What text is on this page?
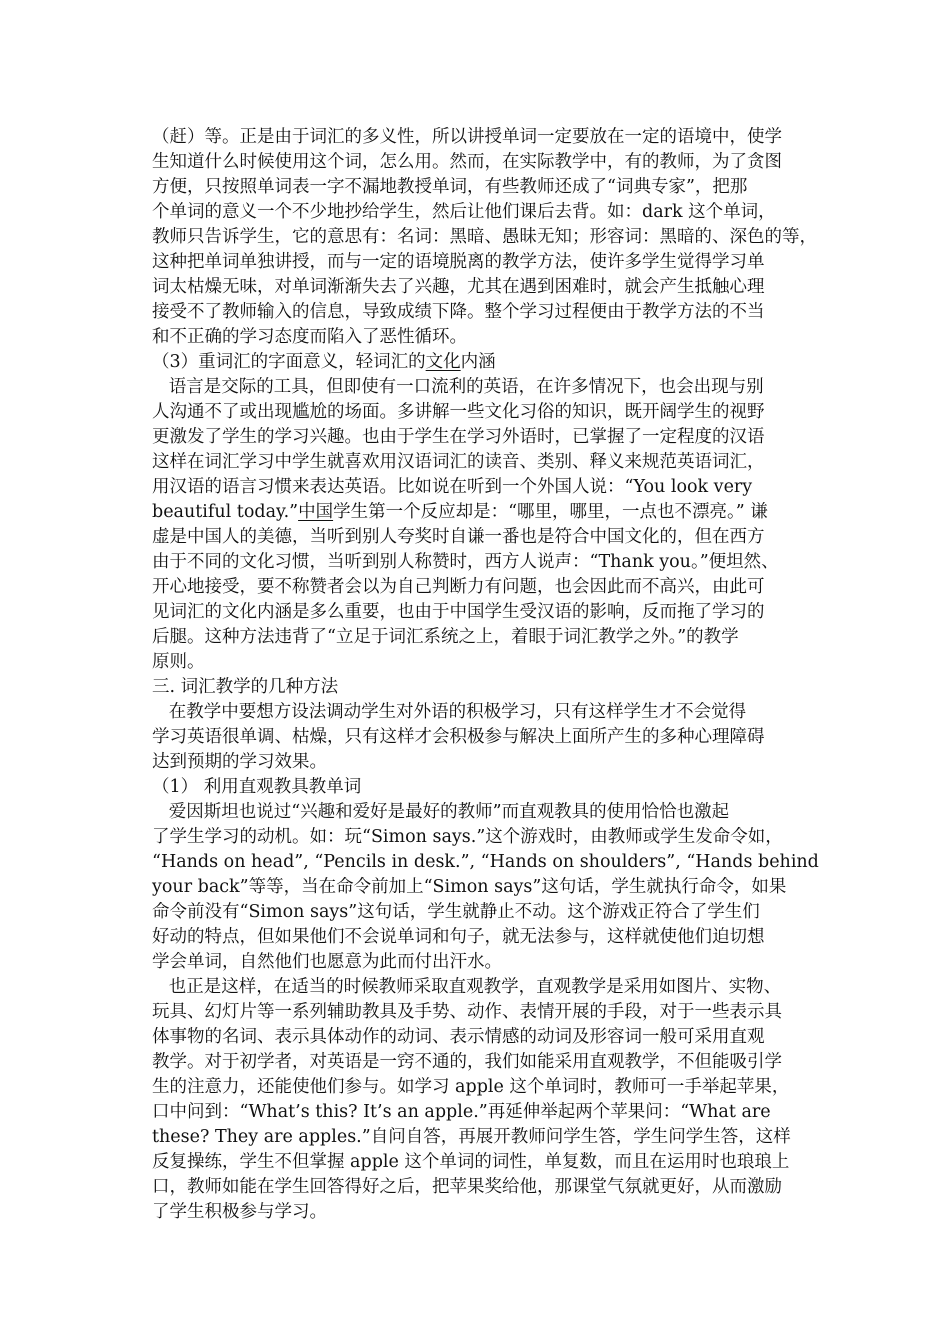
（赶）等。正是由于词汇的多义性，所以讲授单词一定要放在一定的语境中，使学
生知道什么时候使用这个词，怎么用。然而，在实际教学中，有的教师，为了贪图
方便，只按照单词表一字不漏地教授单词，有些教师还成了“词典专家”，把那
个单词的意义一个不少地抄给学生，然后让他们课后去背。如：dark 这个单词，
教师只告诉学生，它的意思有：名词：黑暗、愚昧无知；形容词：黑暗的、深色的等，
这种把单词单独讲授，而与一定的语境脱离的教学方法，使许多学生觉得学习单
词太枯燥无味，对单词渐渐失去了兴趣，尤其在遇到困难时，就会产生抵触心理
接受不了教师输入的信息，导致成绩下降。整个学习过程便由于教学方法的不当
和不正确的学习态度而陷入了恶性循环。
（3）重词汇的字面意义，轻词汇的文化内涵
语言是交际的工具，但即使有一口流利的英语，在许多情况下，也会出现与别
人沟通不了或出现尴尬的场面。多讲解一些文化习俗的知识，既开阔学生的视野
更激发了学生的学习兴趣。也由于学生在学习外语时，已掌握了一定程度的汉语
这样在词汇学习中学生就喜欢用汉语词汇的读音、类别、释义来规范英语词汇，
用汉语的语言习惯来表达英语。比如说在听到一个外国人说：“You look very
beautiful today.”中国学生第一个反应却是：“哪里，哪里，一点也不漂亮。” 谦
虚是中国人的美德，当听到别人夸奖时自谦一番也是符合中国文化的，但在西方
由于不同的文化习惯，当听到别人称赞时，西方人说声：“Thank you。”便坦然、
开心地接受，要不称赞者会以为自己判断力有问题，也会因此而不高兴，由此可
见词汇的文化内涵是多么重要，也由于中国学生受汉语的影响，反而拖了学习的
后腿。这种方法违背了“立足于词汇系统之上，着眼于词汇教学之外。”的教学
原则。
三. 词汇教学的几种方法
在教学中要想方设法调动学生对外语的积极学习，只有这样学生才不会觉得
学习英语很单调、枯燥，只有这样才会积极参与解决上面所产生的多种心理障碍
达到预期的学习效果。
（1） 利用直观教具教单词
爱因斯坦也说过“兴趣和爱好是最好的教师”而直观教具的使用恰恰也激起
了学生学习的动机。如：玩“Simon says.”这个游戏时，由教师或学生发命令如，
“Hands on head”, “Pencils in desk.”, “Hands on shoulders”, “Hands behind
your back”等等，当在命令前加上“Simon says”这句话，学生就执行命令，如果
命令前没有“Simon says”这句话，学生就静止不动。这个游戏正符合了学生们
好动的特点，但如果他们不会说单词和句子，就无法参与，这样就使他们迫切想
学会单词，自然他们也愿意为此而付出汗水。
也正是这样，在适当的时候教师采取直观教学，直观教学是采用如图片、实物、
玩具、幻灯片等一系列辅助教具及手势、动作、表情开展的手段，对于一些表示具
体事物的名词、表示具体动作的动词、表示情感的动词及形容词一般可采用直观
教学。对于初学者，对英语是一窍不通的，我们如能采用直观教学，不但能吸引学
生的注意力，还能使他们参与。如学习 apple 这个单词时，教师可一手举起苹果，
口中问到：“What’s this? It’s an apple.”再延伸举起两个苹果问：“What are
these? They are apples.”自问自答，再展开教师问学生答，学生问学生答，这样
反复操练，学生不但掌握 apple 这个单词的词性，单复数，而且在运用时也琅琅上
口，教师如能在学生回答得好之后，把苹果奖给他，那课堂气氛就更好，从而激励
了学生积极参与学习。
